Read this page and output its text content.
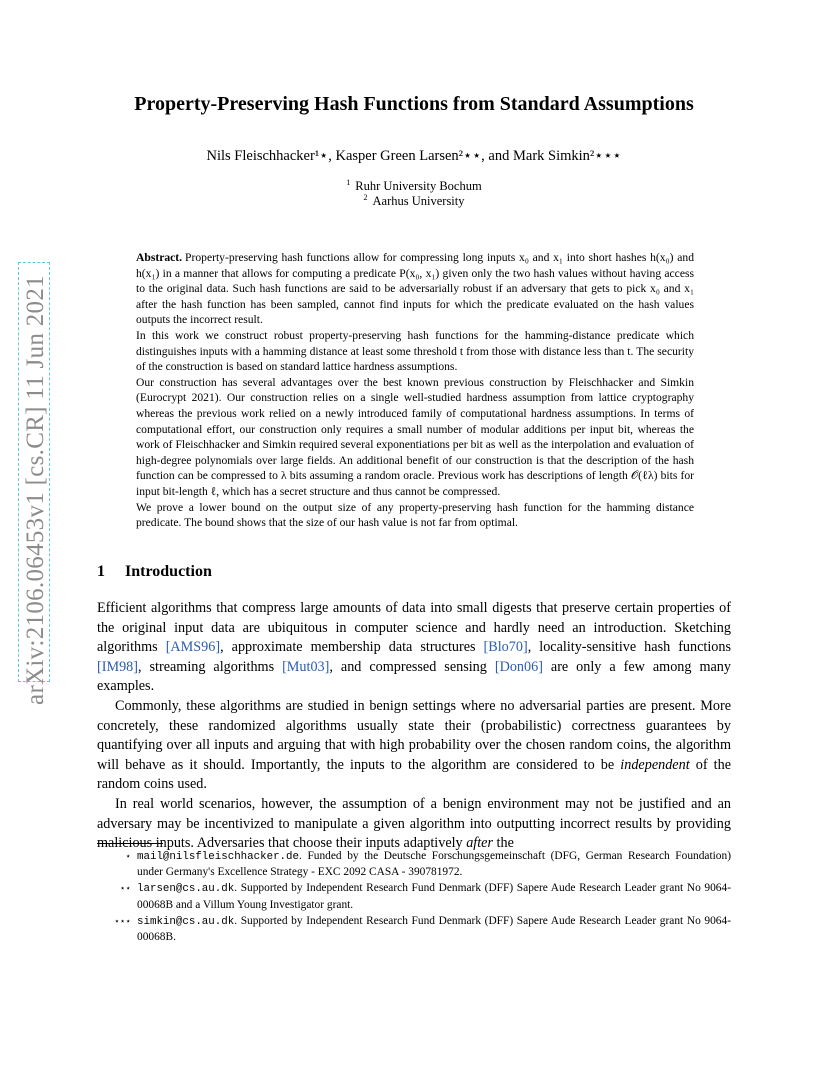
arXiv:2106.06453v1 [cs.CR] 11 Jun 2021
Property-Preserving Hash Functions from Standard Assumptions
Nils Fleischhacker¹⋆, Kasper Green Larsen²⋆⋆, and Mark Simkin²⋆⋆⋆
$^1$ Ruhr University Bochum
$^2$ Aarhus University

Abstract. Property-preserving hash functions allow for compressing long inputs x₀ and x₁ into short hashes h(x₀) and h(x₁) in a manner that allows for computing a predicate P(x₀, x₁) given only the two hash values without having access to the original data. Such hash functions are said to be adversarially robust if an adversary that gets to pick x₀ and x₁ after the hash function has been sampled, cannot find inputs for which the predicate evaluated on the hash values outputs the incorrect result.

In this work we construct robust property-preserving hash functions for the hamming-distance predicate which distinguishes inputs with a hamming distance at least some threshold t from those with distance less than t. The security of the construction is based on standard lattice hardness assumptions.

Our construction has several advantages over the best known previous construction by Fleischhacker and Simkin (Eurocrypt 2021). Our construction relies on a single well-studied hardness assumption from lattice cryptography whereas the previous work relied on a newly introduced family of computational hardness assumptions. In terms of computational effort, our construction only requires a small number of modular additions per input bit, whereas the work of Fleischhacker and Simkin required several exponentiations per bit as well as the interpolation and evaluation of high-degree polynomials over large fields. An additional benefit of our construction is that the description of the hash function can be compressed to λ bits assuming a random oracle. Previous work has descriptions of length 𝒪(ℓλ) bits for input bit-length ℓ, which has a secret structure and thus cannot be compressed.

We prove a lower bound on the output size of any property-preserving hash function for the hamming distance predicate. The bound shows that the size of our hash value is not far from optimal.

1 Introduction

Efficient algorithms that compress large amounts of data into small digests that preserve certain properties of the original input data are ubiquitous in computer science and hardly need an introduction. Sketching algorithms [AMS96], approximate membership data structures [Blo70], locality-sensitive hash functions [IM98], streaming algorithms [Mut03], and compressed sensing [Don06] are only a few among many examples.

Commonly, these algorithms are studied in benign settings where no adversarial parties are present. More concretely, these randomized algorithms usually state their (probabilistic) correctness guarantees by quantifying over all inputs and arguing that with high probability over the chosen random coins, the algorithm will behave as it should. Importantly, the inputs to the algorithm are considered to be independent of the random coins used.

In real world scenarios, however, the assumption of a benign environment may not be justified and an adversary may be incentivized to manipulate a given algorithm into outputting incorrect results by providing malicious inputs. Adversaries that choose their inputs adaptively after the

⋆ mail@nilsfleischhacker.de. Funded by the Deutsche Forschungsgemeinschaft (DFG, German Research Foundation) under Germany's Excellence Strategy - EXC 2092 CASA - 390781972.
⋆⋆ larsen@cs.au.dk. Supported by Independent Research Fund Denmark (DFF) Sapere Aude Research Leader grant No 9064-00068B and a Villum Young Investigator grant.
⋆⋆⋆ simkin@cs.au.dk. Supported by Independent Research Fund Denmark (DFF) Sapere Aude Research Leader grant No 9064-00068B.
